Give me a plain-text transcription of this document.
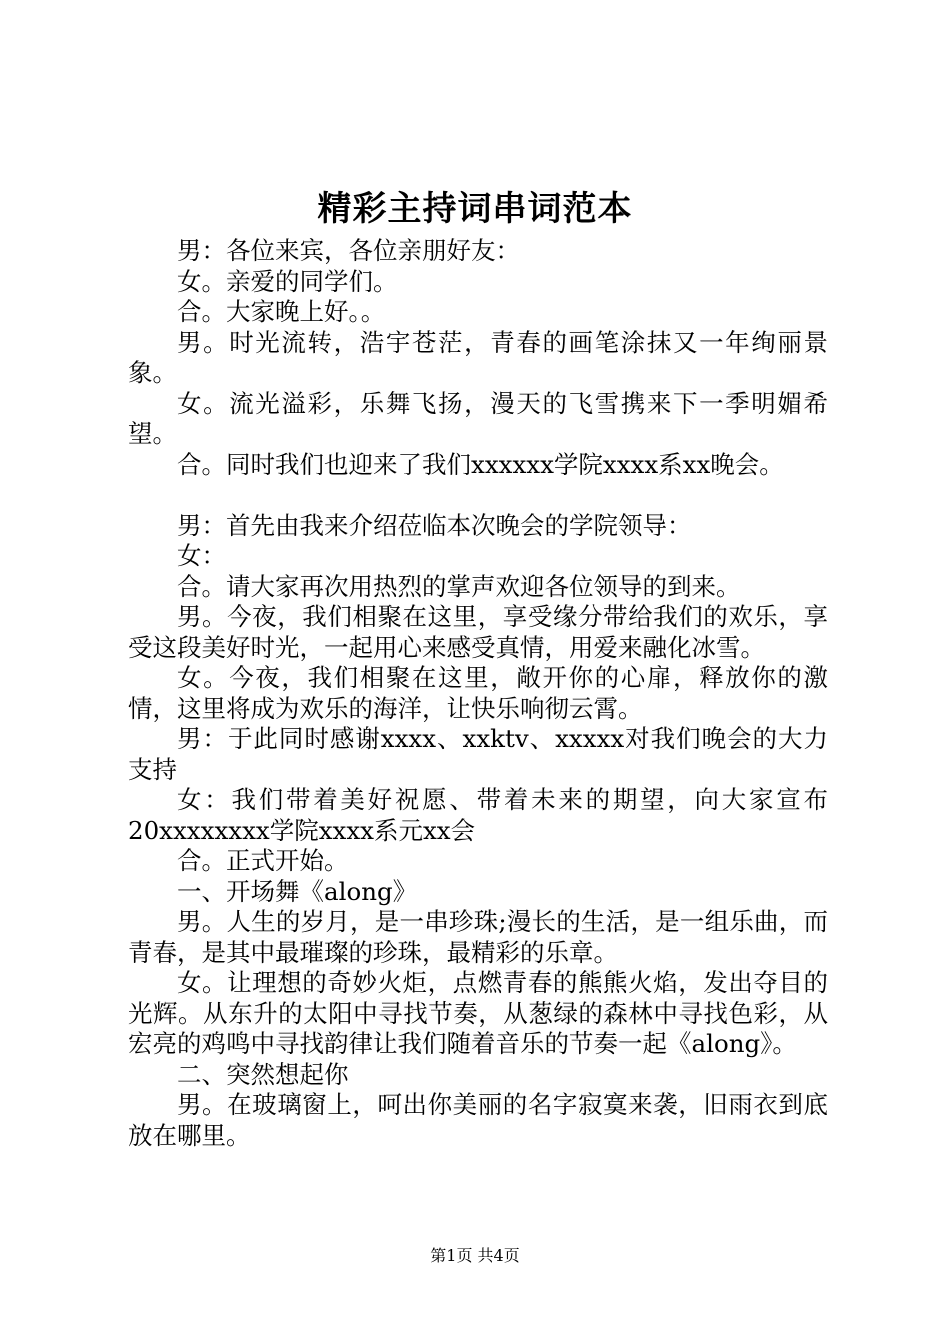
精彩主持词串词范本

男：各位来宾，各位亲朋好友：

女。亲爱的同学们。

合。大家晚上好。。

男。时光流转，浩宇苍茫，青春的画笔涂抹又一年绚丽景象。

女。流光溢彩，乐舞飞扬，漫天的飞雪携来下一季明媚希望。

合。同时我们也迎来了我们xxxxxx学院xxxx系xx晚会。

男：首先由我来介绍莅临本次晚会的学院领导：

女：

合。请大家再次用热烈的掌声欢迎各位领导的到来。

男。今夜，我们相聚在这里，享受缘分带给我们的欢乐，享受这段美好时光，一起用心来感受真情，用爱来融化冰雪。

女。今夜，我们相聚在这里，敞开你的心扉，释放你的激情，这里将成为欢乐的海洋，让快乐响彻云霄。

男：于此同时感谢xxxx、xxktv、xxxxx对我们晚会的大力支持

女：我们带着美好祝愿、带着未来的期望，向大家宣布20xxxxxxxx学院xxxx系元xx会

合。正式开始。

一、开场舞《along》

男。人生的岁月，是一串珍珠;漫长的生活，是一组乐曲，而青春，是其中最璀璨的珍珠，最精彩的乐章。

女。让理想的奇妙火炬，点燃青春的熊熊火焰，发出夺目的光辉。从东升的太阳中寻找节奏，从葱绿的森林中寻找色彩，从宏亮的鸡鸣中寻找韵律让我们随着音乐的节奏一起《along》。

二、突然想起你

男。在玻璃窗上，呵出你美丽的名字寂寞来袭，旧雨衣到底放在哪里。

第1页 共4页
